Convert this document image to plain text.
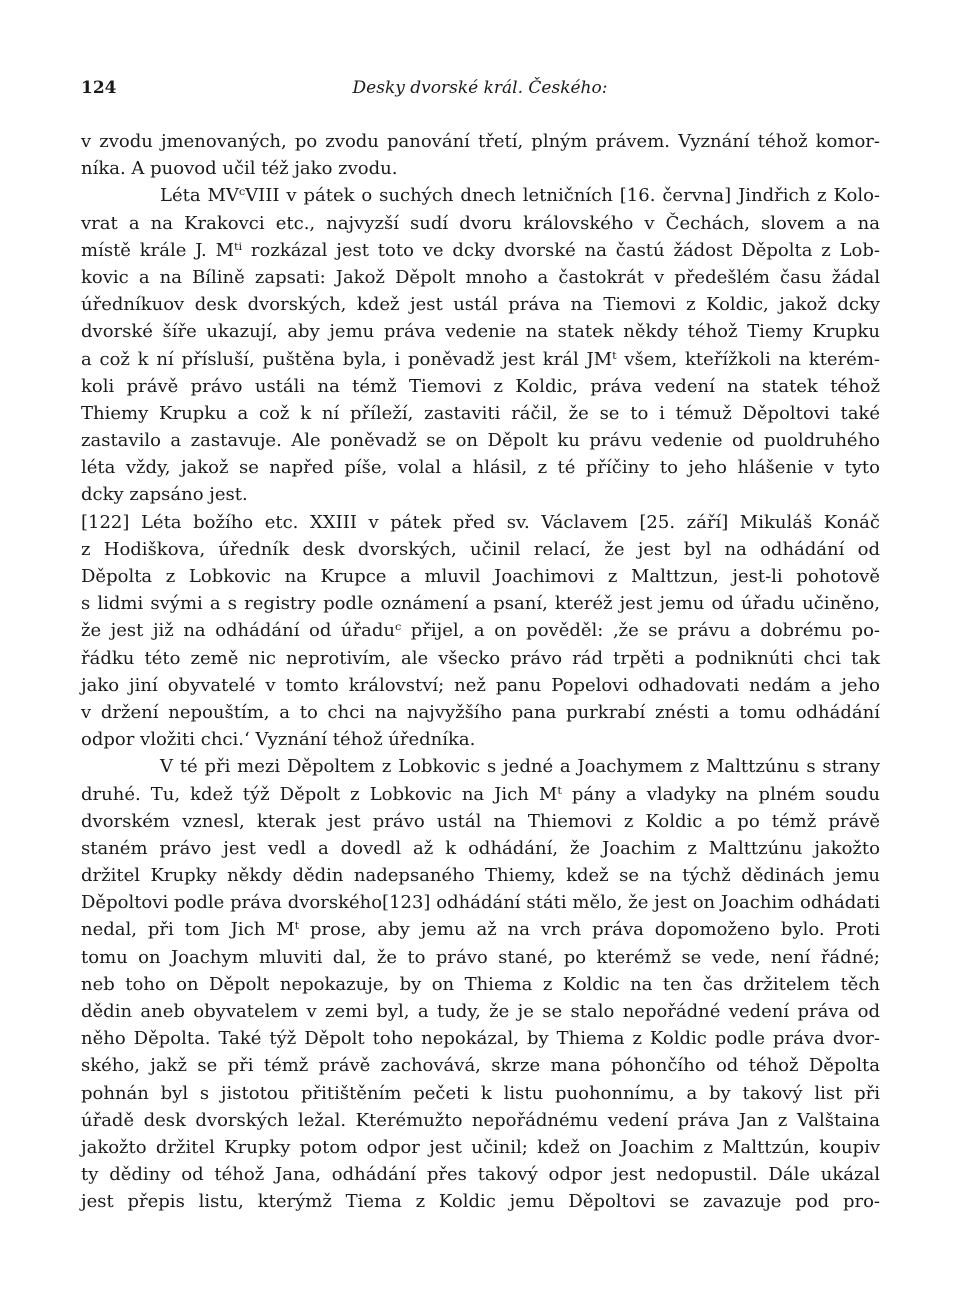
124	Desky dvorské král. Českého:
v zvodu jmenovaných, po zvodu panování třetí, plným právem. Vyznání téhož komor-
níka. A puovod učil též jako zvodu.
Léta MVᶜVIII v pátek o suchých dnech letničních [16. června] Jindřich z Kolo-
vrat a na Krakovci etc., najvyzší sudí dvoru královského v Čechách, slovem a na
místě krále J. Mᵗⁱ rozkázal jest toto ve dcky dvorské na častú žádost Děpolta z Lob-
kovic a na Bílině zapsati: Jakož Děpolt mnoho a častokrát v předešlém času žádal
úředníkuov desk dvorských, kdež jest ustál práva na Tiemovi z Koldic, jakož dcky
dvorské šíře ukazují, aby jemu práva vedenie na statek někdy téhož Tiemy Krupku
a což k ní přísluší, puštěna byla, i poněvadž jest král JMᵗ všem, kteřížkoli na kterém-
koli právě právo ustáli na témž Tiemovi z Koldic, práva vedení na statek téhož
Thiemy Krupku a což k ní příleží, zastaviti ráčil, že se to i témuž Děpoltovi také
zastavilo a zastavuje. Ale poněvadž se on Děpolt ku právu vedenie od puoldruhého
léta vždy, jakož se napřed píše, volal a hlásil, z té příčiny to jeho hlášenie v tyto
dcky zapsáno jest.
[122] Léta božího etc. XXIII v pátek před sv. Václavem [25. září] Mikuláš Konáč
z Hodiškova, úředník desk dvorských, učinil relací, že jest byl na odhádání od
Děpolta z Lobkovic na Krupce a mluvil Joachimovi z Malttzun, jest-li pohotově
s lidmi svými a s registry podle oznámení a psaní, kteréž jest jemu od úřadu učiněno,
že jest již na odhádání od úřaduᶜ přijel, a on pověděl: ‚že se právu a dobrému po-
řádku této země nic neprotivím, ale všecko právo rád trpěti a podniknúti chci tak
jako jiní obyvatelé v tomto království; než panu Popelovi odhadovati nedám a jeho
v držení nepouštím, a to chci na najvyžšího pana purkrabí znésti a tomu odhádání
odpor vložiti chci.‘ Vyznání téhož úředníka.
V té při mezi Děpoltem z Lobkovic s jedné a Joachymem z Malttzúnu s strany
druhé. Tu, kdež týž Děpolt z Lobkovic na Jich Mᵗ pány a vladyky na plném soudu
dvorském vznesl, kterak jest právo ustál na Thiemovi z Koldic a po témž právě
staném právo jest vedl a dovedl až k odhádání, že Joachim z Malttzúnu jakožto
držitel Krupky někdy dědin nadepsaného Thiemy, kdež se na týchž dědinách jemu
Děpoltovi podle práva dvorského[123] odhádání státi mělo, že jest on Joachim odhádati
nedal, při tom Jich Mᵗ prose, aby jemu až na vrch práva dopomoženo bylo. Proti
tomu on Joachym mluviti dal, že to právo stané, po kterémž se vede, není řádné;
neb toho on Děpolt nepokazuje, by on Thiema z Koldic na ten čas držitelem těch
dědin aneb obyvatelem v zemi byl, a tudy, že je se stalo nepořádné vedení práva od
něho Děpolta. Také týž Děpolt toho nepokázal, by Thiema z Koldic podle práva dvor-
ského, jakž se při témž právě zachovává, skrze mana póhončího od téhož Děpolta
pohnán byl s jistotou přitištěním pečeti k listu puohonnímu, a by takový list při
úřadě desk dvorských ležal. Kterémužto nepořádnému vedení práva Jan z Valštaina
jakožto držitel Krupky potom odpor jest učinil; kdež on Joachim z Malttzún, koupiv
ty dědiny od téhož Jana, odhádání přes takový odpor jest nedopustil. Dále ukázal
jest přepis listu, kterýmž Tiema z Koldic jemu Děpoltovi se zavazuje pod pro-
